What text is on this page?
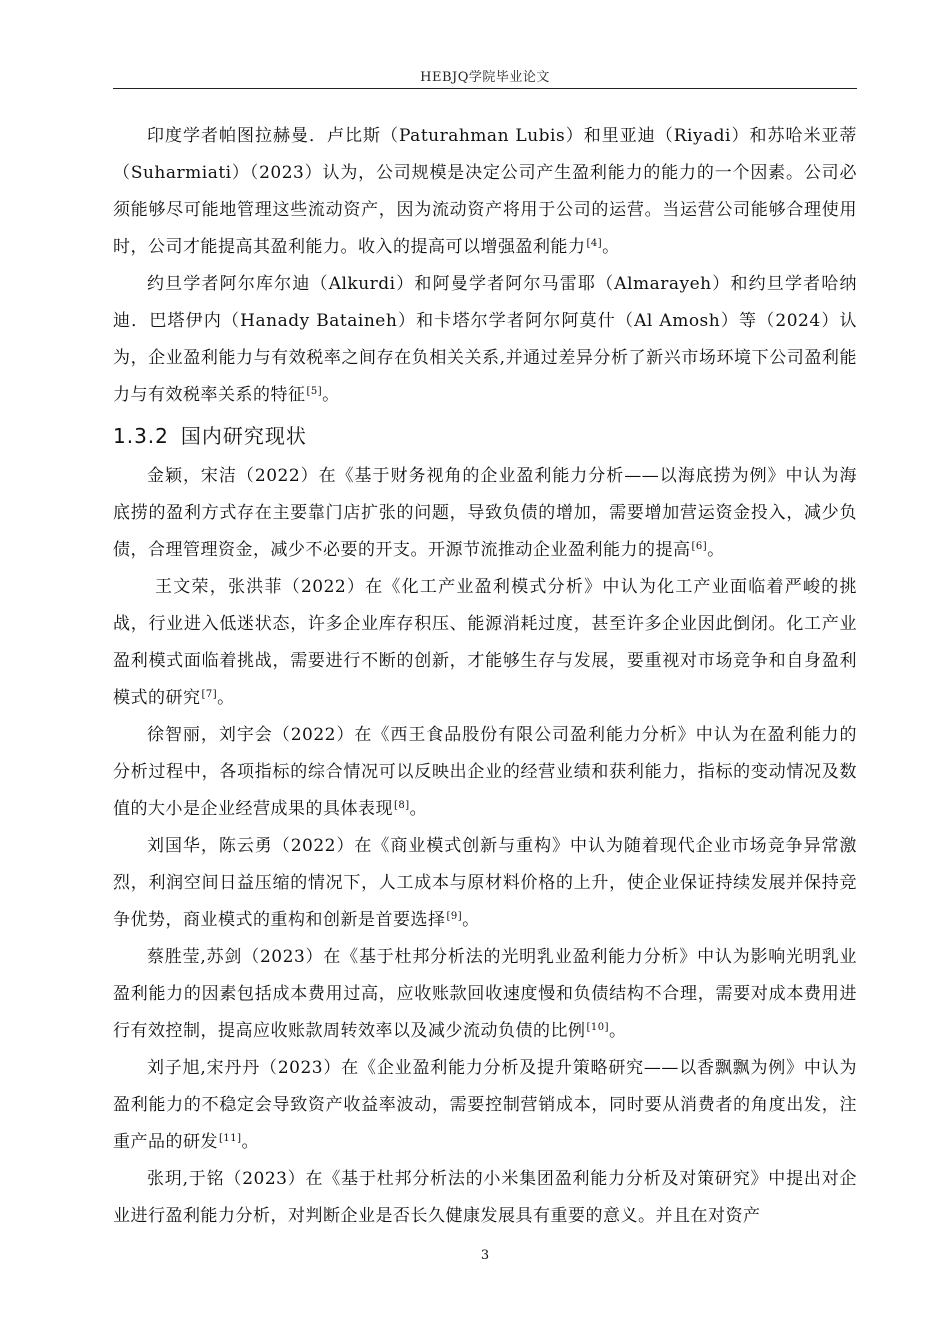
HEBJQ学院毕业论文

印度学者帕图拉赫曼．卢比斯（Paturahman Lubis）和里亚迪（Riyadi）和苏哈米亚蒂（Suharmiati）（2023）认为，公司规模是决定公司产生盈利能力的能力的一个因素。公司必须能够尽可能地管理这些流动资产，因为流动资产将用于公司的运营。当运营公司能够合理使用时，公司才能提高其盈利能力。收入的提高可以增强盈利能力[4]。

约旦学者阿尔库尔迪（Alkurdi）和阿曼学者阿尔马雷耶（Almarayeh）和约旦学者哈纳迪．巴塔伊内（Hanady Bataineh）和卡塔尔学者阿尔阿莫什（Al Amosh）等（2024）认为，企业盈利能力与有效税率之间存在负相关关系,并通过差异分析了新兴市场环境下公司盈利能力与有效税率关系的特征[5]。

1.3.2 国内研究现状

金颖，宋洁（2022）在《基于财务视角的企业盈利能力分析——以海底捞为例》中认为海底捞的盈利方式存在主要靠门店扩张的问题，导致负债的增加，需要增加营运资金投入，减少负债，合理管理资金，减少不必要的开支。开源节流推动企业盈利能力的提高[6]。

王文荣，张洪菲（2022）在《化工产业盈利模式分析》中认为化工产业面临着严峻的挑战，行业进入低迷状态，许多企业库存积压、能源消耗过度，甚至许多企业因此倒闭。化工产业盈利模式面临着挑战，需要进行不断的创新，才能够生存与发展，要重视对市场竞争和自身盈利模式的研究[7]。

徐智丽，刘宇会（2022）在《西王食品股份有限公司盈利能力分析》中认为在盈利能力的分析过程中，各项指标的综合情况可以反映出企业的经营业绩和获利能力，指标的变动情况及数值的大小是企业经营成果的具体表现[8]。

刘国华，陈云勇（2022）在《商业模式创新与重构》中认为随着现代企业市场竞争异常激烈，利润空间日益压缩的情况下，人工成本与原材料价格的上升，使企业保证持续发展并保持竞争优势，商业模式的重构和创新是首要选择[9]。

蔡胜莹,苏剑（2023）在《基于杜邦分析法的光明乳业盈利能力分析》中认为影响光明乳业盈利能力的因素包括成本费用过高，应收账款回收速度慢和负债结构不合理，需要对成本费用进行有效控制，提高应收账款周转效率以及减少流动负债的比例[10]。

刘子旭,宋丹丹（2023）在《企业盈利能力分析及提升策略研究——以香飘飘为例》中认为盈利能力的不稳定会导致资产收益率波动，需要控制营销成本，同时要从消费者的角度出发，注重产品的研发[11]。

张玥,于铭（2023）在《基于杜邦分析法的小米集团盈利能力分析及对策研究》中提出对企业进行盈利能力分析，对判断企业是否长久健康发展具有重要的意义。并且在对资产

3
